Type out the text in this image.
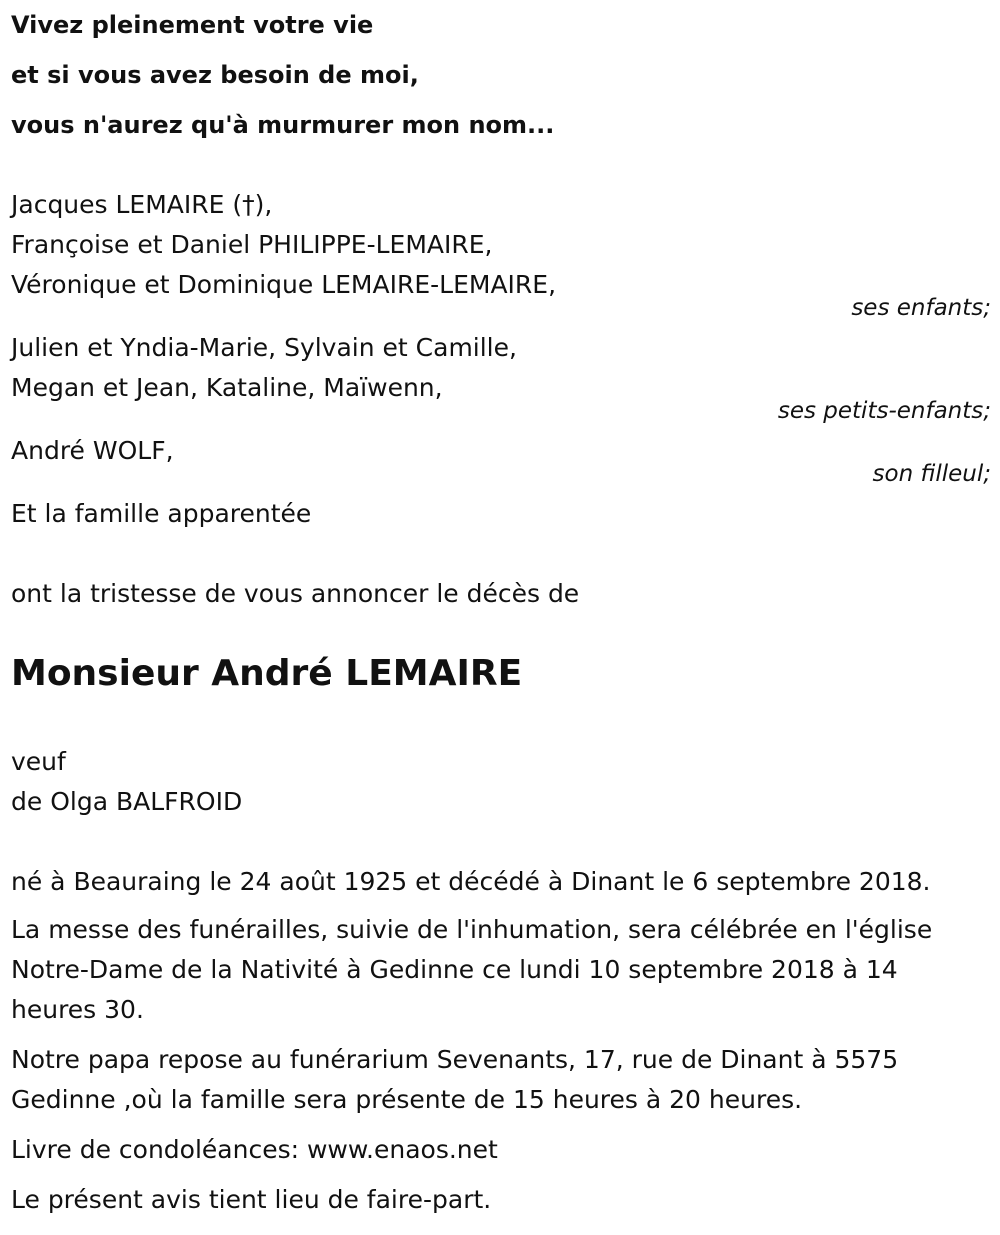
Vivez pleinement votre vie
et si vous avez besoin de moi,
vous n'aurez qu'à murmurer mon nom...
Jacques LEMAIRE (†),
Françoise et Daniel PHILIPPE-LEMAIRE,
Véronique et Dominique LEMAIRE-LEMAIRE,
ses enfants;
Julien et Yndia-Marie, Sylvain et Camille,
Megan et Jean, Kataline, Maïwenn,
ses petits-enfants;
André WOLF,
son filleul;
Et la famille apparentée
ont la tristesse de vous annoncer le décès de
Monsieur André LEMAIRE
veuf
de Olga BALFROID
né à Beauraing le 24 août 1925 et décédé à Dinant le 6 septembre 2018.
La messe des funérailles, suivie de l'inhumation, sera célébrée en l'église
Notre-Dame de la Nativité à Gedinne ce lundi 10 septembre 2018 à 14
heures 30.
Notre papa repose au funérarium Sevenants, 17, rue de Dinant à 5575
Gedinne ,où la famille sera présente de 15 heures à 20 heures.
Livre de condoléances: www.enaos.net
Le présent avis tient lieu de faire-part.
